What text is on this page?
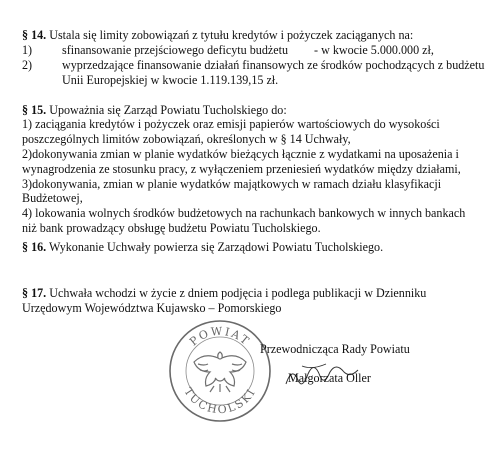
§ 14. Ustala się limity zobowiązań z tytułu kredytów i pożyczek zaciąganych na:
1) sfinansowanie przejściowego deficytu budżetu - w kwocie 5.000.000 zł,
2) wyprzedzające finansowanie działań finansowych ze środków pochodzących z budżetu
Unii Europejskiej w kwocie 1.119.139,15 zł.
§ 15. Upoważnia się Zarząd Powiatu Tucholskiego do:
1) zaciągania kredytów i pożyczek oraz emisji papierów wartościowych do wysokości
poszczególnych limitów zobowiązań, określonych w § 14 Uchwały,
2)dokonywania zmian w planie wydatków bieżących łącznie z wydatkami na uposażenia i
wynagrodzenia ze stosunku pracy, z wyłączeniem przeniesień wydatków między działami,
3)dokonywania, zmian w planie wydatków majątkowych w ramach działu klasyfikacji
Budżetowej,
4) lokowania wolnych środków budżetowych na rachunkach bankowych w innych bankach
niż bank prowadzący obsługę budżetu Powiatu Tucholskiego.
§ 16. Wykonanie Uchwały powierza się Zarządowi Powiatu Tucholskiego.
§ 17. Uchwała wchodzi w życie z dniem podjęcia i podlega publikacji w Dzienniku
Urzędowym Województwa Kujawsko – Pomorskiego
POWIAT
TUCHOLSKI
Przewodnicząca Rady Powiatu
Małgorzata Oller
